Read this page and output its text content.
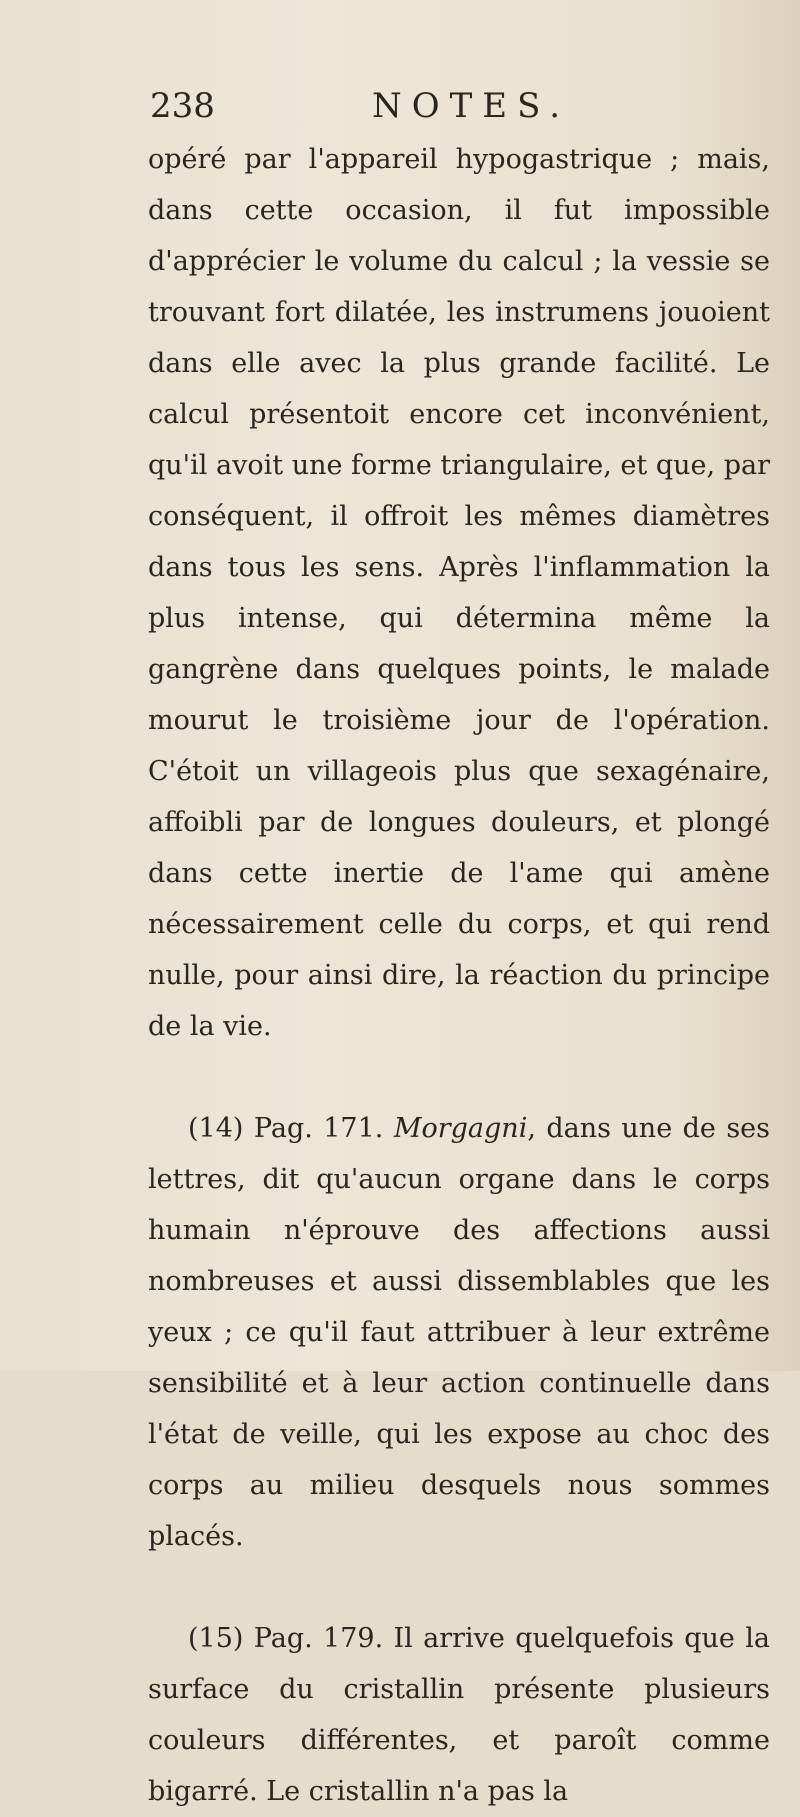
238	NOTES.

opéré par l'appareil hypogastrique ; mais, dans cette occasion, il fut impossible d'apprécier le volume du calcul ; la vessie se trouvant fort dilatée, les instrumens jouoient dans elle avec la plus grande facilité. Le calcul présentoit encore cet inconvénient, qu'il avoit une forme triangulaire, et que, par conséquent, il offroit les mêmes diamètres dans tous les sens. Après l'inflammation la plus intense, qui détermina même la gangrène dans quelques points, le malade mourut le troisième jour de l'opération. C'étoit un villageois plus que sexagénaire, affoibli par de longues douleurs, et plongé dans cette inertie de l'ame qui amène nécessairement celle du corps, et qui rend nulle, pour ainsi dire, la réaction du principe de la vie.

(14) Pag. 171. Morgagni, dans une de ses lettres, dit qu'aucun organe dans le corps humain n'éprouve des affections aussi nombreuses et aussi dissemblables que les yeux ; ce qu'il faut attribuer à leur extrême sensibilité et à leur action continuelle dans l'état de veille, qui les expose au choc des corps au milieu desquels nous sommes placés.

(15) Pag. 179. Il arrive quelquefois que la surface du cristallin présente plusieurs couleurs différentes, et paroît comme bigarré. Le cristallin n'a pas la
